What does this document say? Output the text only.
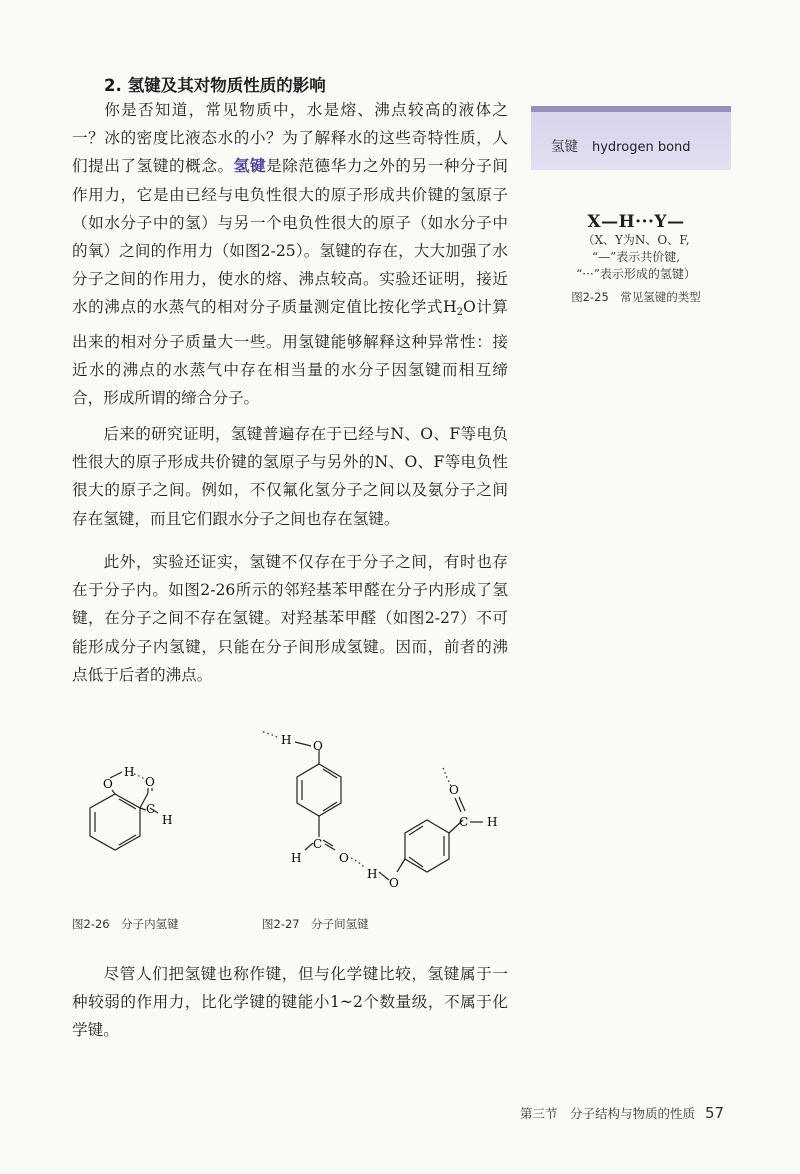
2. 氢键及其对物质性质的影响

你是否知道，常见物质中，水是熔、沸点较高的液体之一？冰的密度比液态水的小？为了解释水的这些奇特性质，人们提出了氢键的概念。氢键是除范德华力之外的另一种分子间作用力，它是由已经与电负性很大的原子形成共价键的氢原子（如水分子中的氢）与另一个电负性很大的原子（如水分子中的氧）之间的作用力（如图2-25）。氢键的存在，大大加强了水分子之间的作用力，使水的熔、沸点较高。实验还证明，接近水的沸点的水蒸气的相对分子质量测定值比按化学式$H_2O$计算出来的相对分子质量大一些。用氢键能够解释这种异常性：接近水的沸点的水蒸气中存在相当量的水分子因氢键而相互缔合，形成所谓的缔合分子。

后来的研究证明，氢键普遍存在于已经与N、O、F等电负性很大的原子形成共价键的氢原子与另外的N、O、F等电负性很大的原子之间。例如，不仅氟化氢分子之间以及氨分子之间存在氢键，而且它们跟水分子之间也存在氢键。

此外，实验还证实，氢键不仅存在于分子之间，有时也存在于分子内。如图2-26所示的邻羟基苯甲醛在分子内形成了氢键，在分子之间不存在氢键。对羟基苯甲醛（如图2-27）不可能形成分子内氢键，只能在分子间形成氢键。因而，前者的沸点低于后者的沸点。

尽管人们把氢键也称作键，但与化学键比较，氢键属于一种较弱的作用力，比化学键的键能小1~2个数量级，不属于化学键。

氢键 hydrogen bond
X—H···Y—
（X、Y为N、O、F,
“—”表示共价键,
“···”表示形成的氢键）
图2-25　常见氢键的类型
O
H
O
C
H
图2-26　分子内氢键
H O
C
H	O
H
O
O
C H
图2-27　分子间氢键
第三节　分子结构与物质的性质 57
